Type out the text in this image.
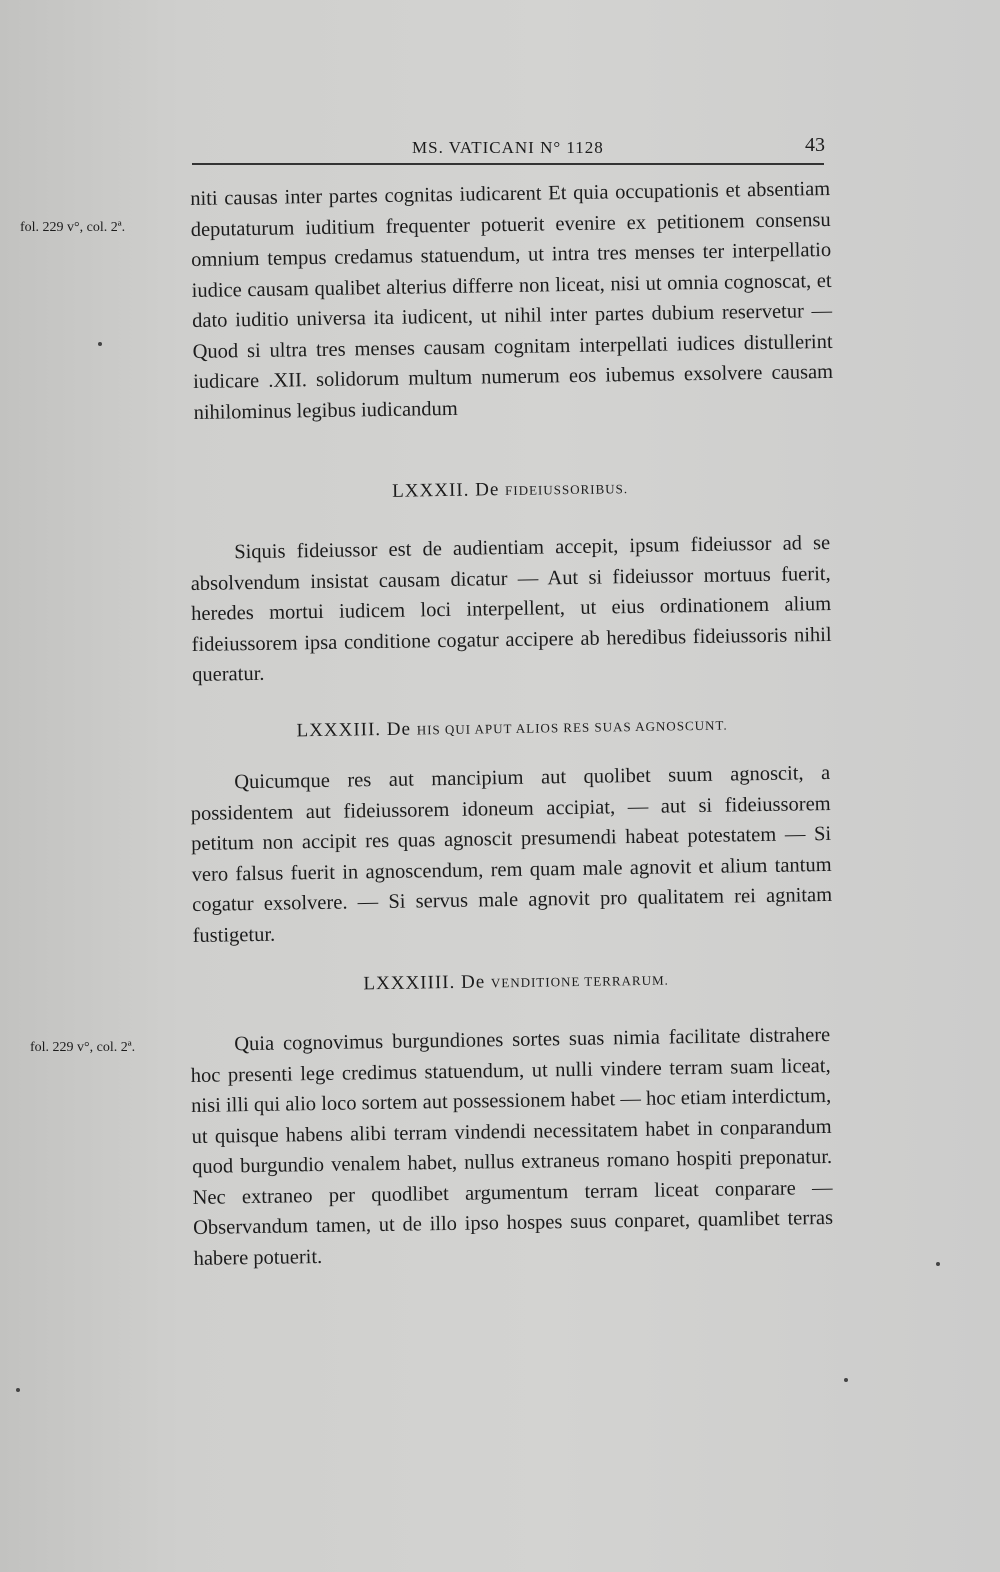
MS. VATICANI N° 1128	43
fol. 229 v°, col. 2ª.
fol. 229 v°, col. 2ª.

niti causas inter partes cognitas iudicarent Et quia occupationis et absentiam deputaturum iuditium frequenter potuerit evenire ex petitionem consensu omnium tempus credamus statuendum, ut intra tres menses ter interpellatio iudice causam qualibet alterius differre non liceat, nisi ut omnia cognoscat, et dato iuditio universa ita iudicent, ut nihil inter partes dubium reservetur — Quod si ultra tres menses causam cognitam interpellati iudices distullerint iudicare .XII. solidorum multum numerum eos iubemus exsolvere causam nihilominus legibus iudicandum

LXXXII. De FIDEIUSSORIBUS.

Siquis fideiussor est de audientiam accepit, ipsum fideiussor ad se absolvendum insistat causam dicatur — Aut si fideiussor mortuus fuerit, heredes mortui iudicem loci interpellent, ut eius ordinationem alium fideiussorem ipsa conditione cogatur accipere ab heredibus fideiussoris nihil queratur.

LXXXIII. De HIS QUI APUT ALIOS RES SUAS AGNOSCUNT.

Quicumque res aut mancipium aut quolibet suum agnoscit, a possidentem aut fideiussorem idoneum accipiat, — aut si fideiussorem petitum non accipit res quas agnoscit presumendi habeat potestatem — Si vero falsus fuerit in agnoscendum, rem quam male agnovit et alium tantum cogatur exsolvere. — Si servus male agnovit pro qualitatem rei agnitam fustigetur.

LXXXIIII. De VENDITIONE TERRARUM.

Quia cognovimus burgundiones sortes suas nimia facilitate distrahere hoc presenti lege credimus statuendum, ut nulli vindere terram suam liceat, nisi illi qui alio loco sortem aut possessionem habet — hoc etiam interdictum, ut quisque habens alibi terram vindendi necessitatem habet in conparandum quod burgundio venalem habet, nullus extraneus romano hospiti preponatur. Nec extraneo per quodlibet argumentum terram liceat conparare — Observandum tamen, ut de illo ipso hospes suus conparet, quamlibet terras habere potuerit.
